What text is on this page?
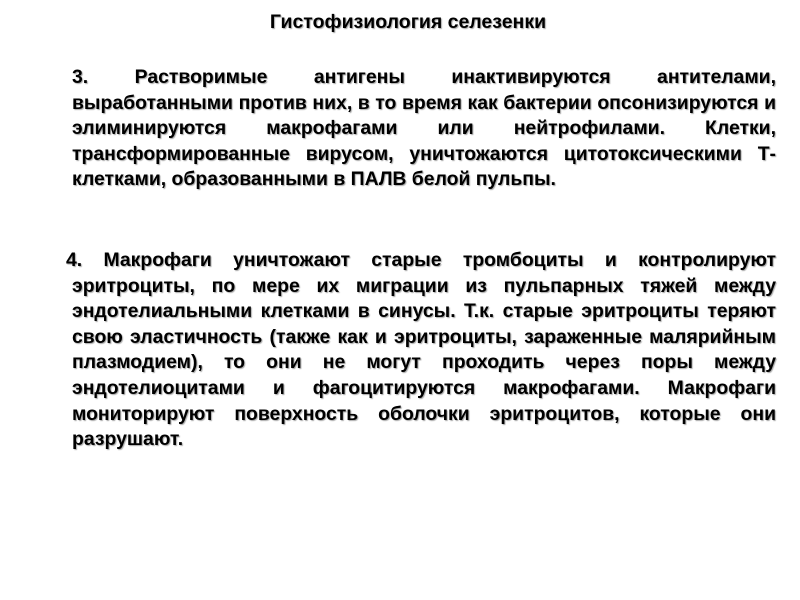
Гистофизиология селезенки

3. Растворимые антигены инактивируются антителами, выработанными против них, в то время как бактерии опсонизируются и элиминируются макрофагами или нейтрофилами. Клетки, трансформированные вирусом, уничтожаются цитотоксическими Т-клетками, образованными в ПАЛВ белой пульпы.

4. Макрофаги уничтожают старые тромбоциты и контролируют эритроциты, по мере их миграции из пульпарных тяжей между эндотелиальными клетками в синусы. Т.к. старые эритроциты теряют свою эластичность (также как и эритроциты, зараженные малярийным плазмодием), то они не могут проходить через поры между эндотелиоцитами и фагоцитируются макрофагами. Макрофаги мониторируют поверхность оболочки эритроцитов, которые они разрушают.
